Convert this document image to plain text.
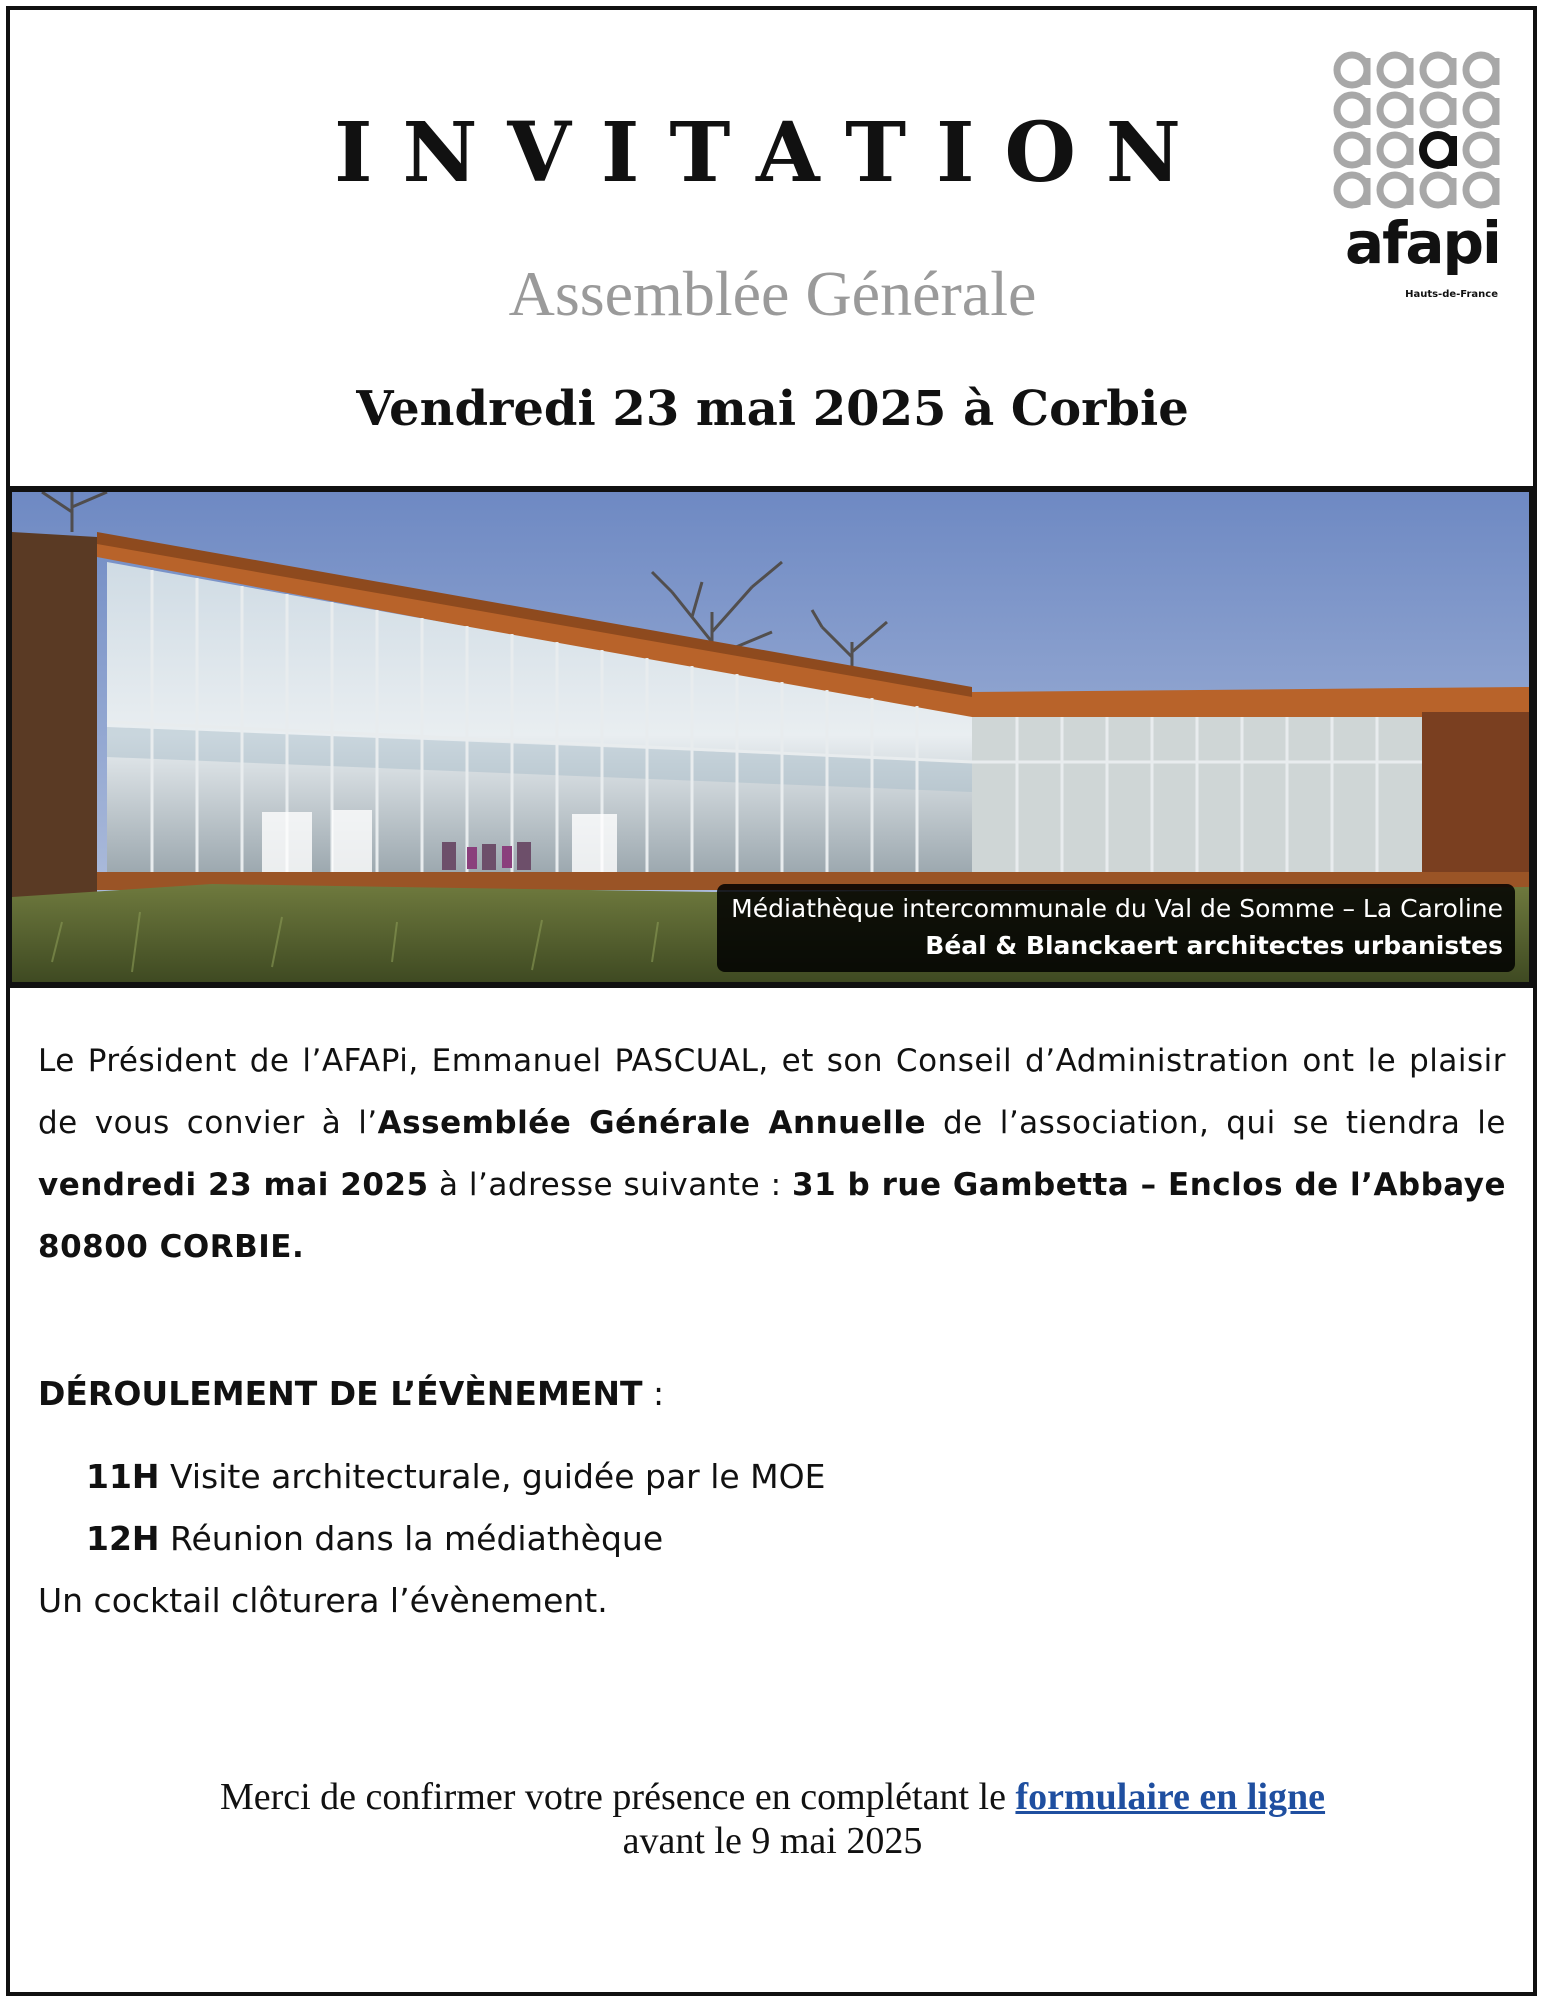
INVITATION
Assemblée Générale
Vendredi 23 mai 2025 à Corbie
afapi
Hauts-de-France
Médiathèque intercommunale du Val de Somme – La Caroline
Béal & Blanckaert architectes urbanistes
Le Président de l’AFAPi, Emmanuel PASCUAL, et son Conseil d’Administration ont le plaisir de vous convier à l’Assemblée Générale Annuelle de l’association, qui se tiendra le vendredi 23 mai 2025 à l’adresse suivante : 31 b rue Gambetta – Enclos de l’Abbaye 80800 CORBIE.
DÉROULEMENT DE L’ÉVÈNEMENT :
11H Visite architecturale, guidée par le MOE
12H Réunion dans la médiathèque
Un cocktail clôturera l’évènement.
Merci de confirmer votre présence en complétant le formulaire en ligne
avant le 9 mai 2025
